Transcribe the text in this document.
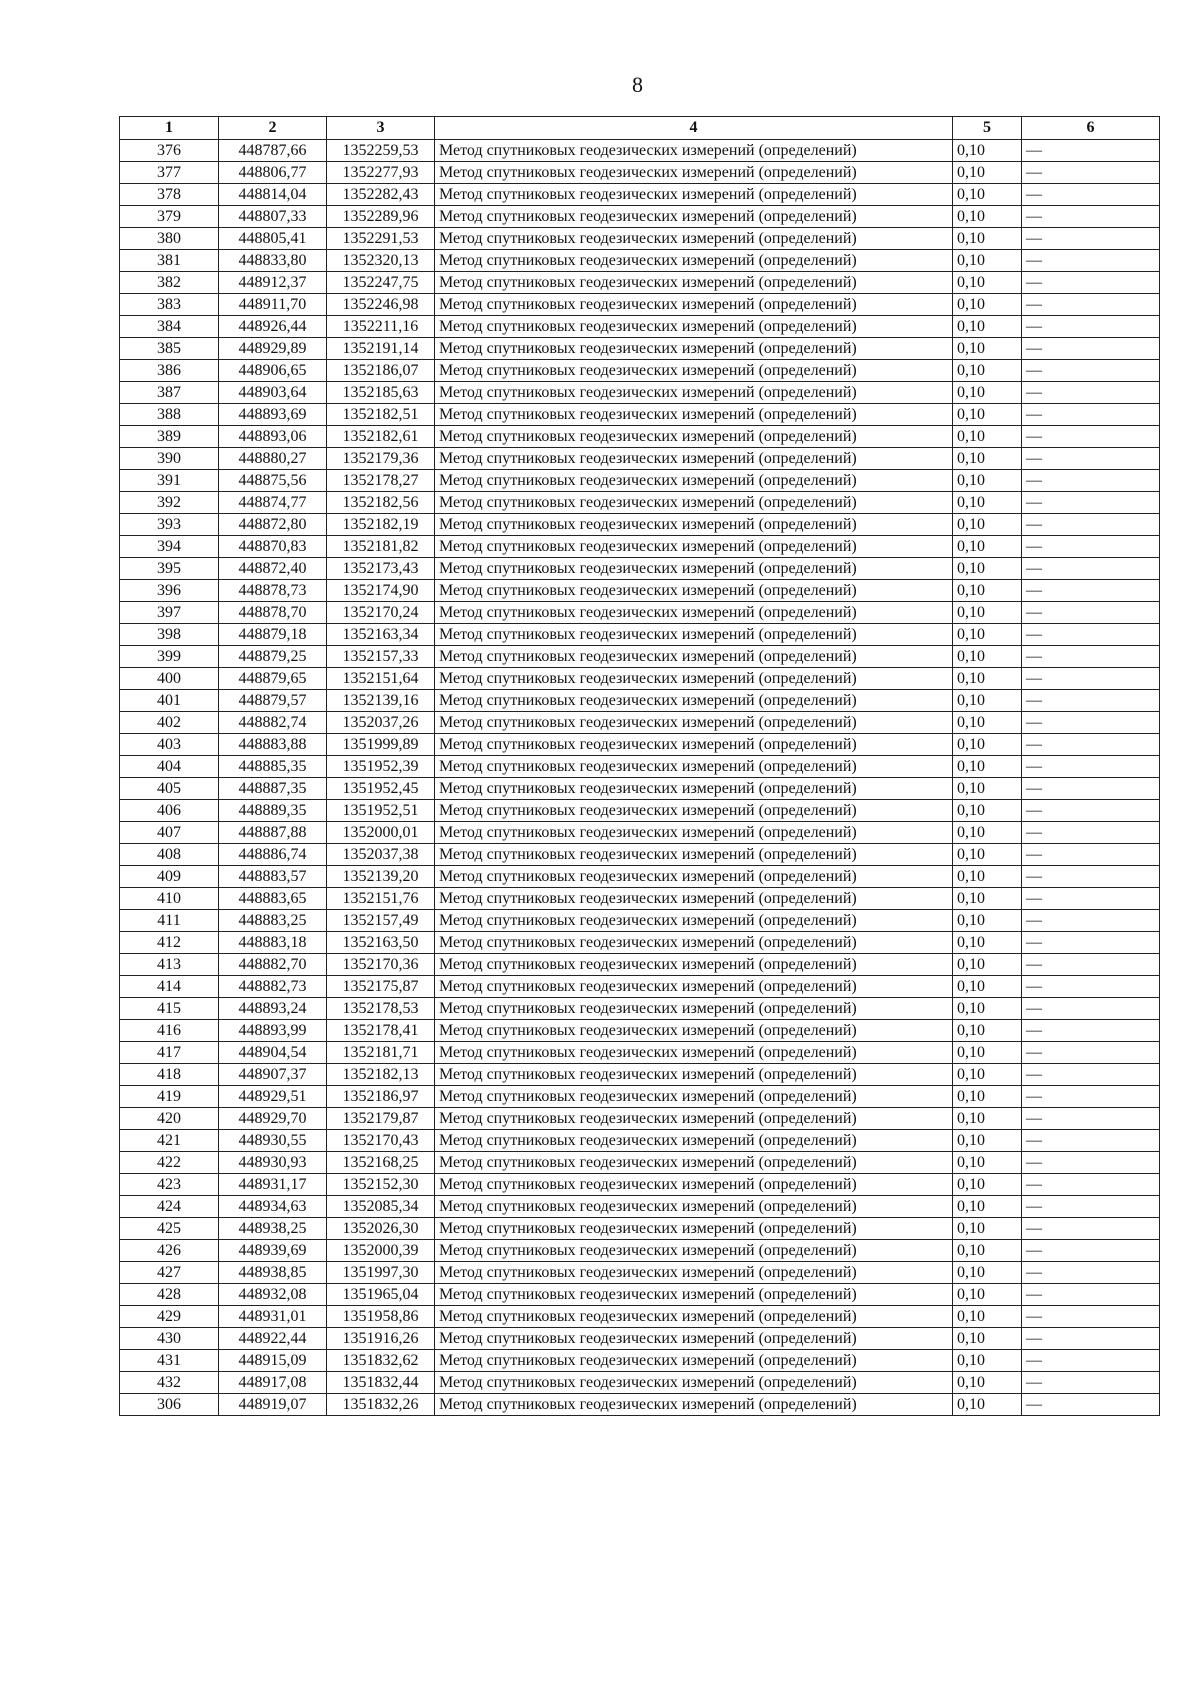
8
1	2	3	4	5	6
376	448787,66	1352259,53	Метод спутниковых геодезических измерений (определений)	0,10	—
377	448806,77	1352277,93	Метод спутниковых геодезических измерений (определений)	0,10	—
378	448814,04	1352282,43	Метод спутниковых геодезических измерений (определений)	0,10	—
379	448807,33	1352289,96	Метод спутниковых геодезических измерений (определений)	0,10	—
380	448805,41	1352291,53	Метод спутниковых геодезических измерений (определений)	0,10	—
381	448833,80	1352320,13	Метод спутниковых геодезических измерений (определений)	0,10	—
382	448912,37	1352247,75	Метод спутниковых геодезических измерений (определений)	0,10	—
383	448911,70	1352246,98	Метод спутниковых геодезических измерений (определений)	0,10	—
384	448926,44	1352211,16	Метод спутниковых геодезических измерений (определений)	0,10	—
385	448929,89	1352191,14	Метод спутниковых геодезических измерений (определений)	0,10	—
386	448906,65	1352186,07	Метод спутниковых геодезических измерений (определений)	0,10	—
387	448903,64	1352185,63	Метод спутниковых геодезических измерений (определений)	0,10	—
388	448893,69	1352182,51	Метод спутниковых геодезических измерений (определений)	0,10	—
389	448893,06	1352182,61	Метод спутниковых геодезических измерений (определений)	0,10	—
390	448880,27	1352179,36	Метод спутниковых геодезических измерений (определений)	0,10	—
391	448875,56	1352178,27	Метод спутниковых геодезических измерений (определений)	0,10	—
392	448874,77	1352182,56	Метод спутниковых геодезических измерений (определений)	0,10	—
393	448872,80	1352182,19	Метод спутниковых геодезических измерений (определений)	0,10	—
394	448870,83	1352181,82	Метод спутниковых геодезических измерений (определений)	0,10	—
395	448872,40	1352173,43	Метод спутниковых геодезических измерений (определений)	0,10	—
396	448878,73	1352174,90	Метод спутниковых геодезических измерений (определений)	0,10	—
397	448878,70	1352170,24	Метод спутниковых геодезических измерений (определений)	0,10	—
398	448879,18	1352163,34	Метод спутниковых геодезических измерений (определений)	0,10	—
399	448879,25	1352157,33	Метод спутниковых геодезических измерений (определений)	0,10	—
400	448879,65	1352151,64	Метод спутниковых геодезических измерений (определений)	0,10	—
401	448879,57	1352139,16	Метод спутниковых геодезических измерений (определений)	0,10	—
402	448882,74	1352037,26	Метод спутниковых геодезических измерений (определений)	0,10	—
403	448883,88	1351999,89	Метод спутниковых геодезических измерений (определений)	0,10	—
404	448885,35	1351952,39	Метод спутниковых геодезических измерений (определений)	0,10	—
405	448887,35	1351952,45	Метод спутниковых геодезических измерений (определений)	0,10	—
406	448889,35	1351952,51	Метод спутниковых геодезических измерений (определений)	0,10	—
407	448887,88	1352000,01	Метод спутниковых геодезических измерений (определений)	0,10	—
408	448886,74	1352037,38	Метод спутниковых геодезических измерений (определений)	0,10	—
409	448883,57	1352139,20	Метод спутниковых геодезических измерений (определений)	0,10	—
410	448883,65	1352151,76	Метод спутниковых геодезических измерений (определений)	0,10	—
411	448883,25	1352157,49	Метод спутниковых геодезических измерений (определений)	0,10	—
412	448883,18	1352163,50	Метод спутниковых геодезических измерений (определений)	0,10	—
413	448882,70	1352170,36	Метод спутниковых геодезических измерений (определений)	0,10	—
414	448882,73	1352175,87	Метод спутниковых геодезических измерений (определений)	0,10	—
415	448893,24	1352178,53	Метод спутниковых геодезических измерений (определений)	0,10	—
416	448893,99	1352178,41	Метод спутниковых геодезических измерений (определений)	0,10	—
417	448904,54	1352181,71	Метод спутниковых геодезических измерений (определений)	0,10	—
418	448907,37	1352182,13	Метод спутниковых геодезических измерений (определений)	0,10	—
419	448929,51	1352186,97	Метод спутниковых геодезических измерений (определений)	0,10	—
420	448929,70	1352179,87	Метод спутниковых геодезических измерений (определений)	0,10	—
421	448930,55	1352170,43	Метод спутниковых геодезических измерений (определений)	0,10	—
422	448930,93	1352168,25	Метод спутниковых геодезических измерений (определений)	0,10	—
423	448931,17	1352152,30	Метод спутниковых геодезических измерений (определений)	0,10	—
424	448934,63	1352085,34	Метод спутниковых геодезических измерений (определений)	0,10	—
425	448938,25	1352026,30	Метод спутниковых геодезических измерений (определений)	0,10	—
426	448939,69	1352000,39	Метод спутниковых геодезических измерений (определений)	0,10	—
427	448938,85	1351997,30	Метод спутниковых геодезических измерений (определений)	0,10	—
428	448932,08	1351965,04	Метод спутниковых геодезических измерений (определений)	0,10	—
429	448931,01	1351958,86	Метод спутниковых геодезических измерений (определений)	0,10	—
430	448922,44	1351916,26	Метод спутниковых геодезических измерений (определений)	0,10	—
431	448915,09	1351832,62	Метод спутниковых геодезических измерений (определений)	0,10	—
432	448917,08	1351832,44	Метод спутниковых геодезических измерений (определений)	0,10	—
306	448919,07	1351832,26	Метод спутниковых геодезических измерений (определений)	0,10	—
